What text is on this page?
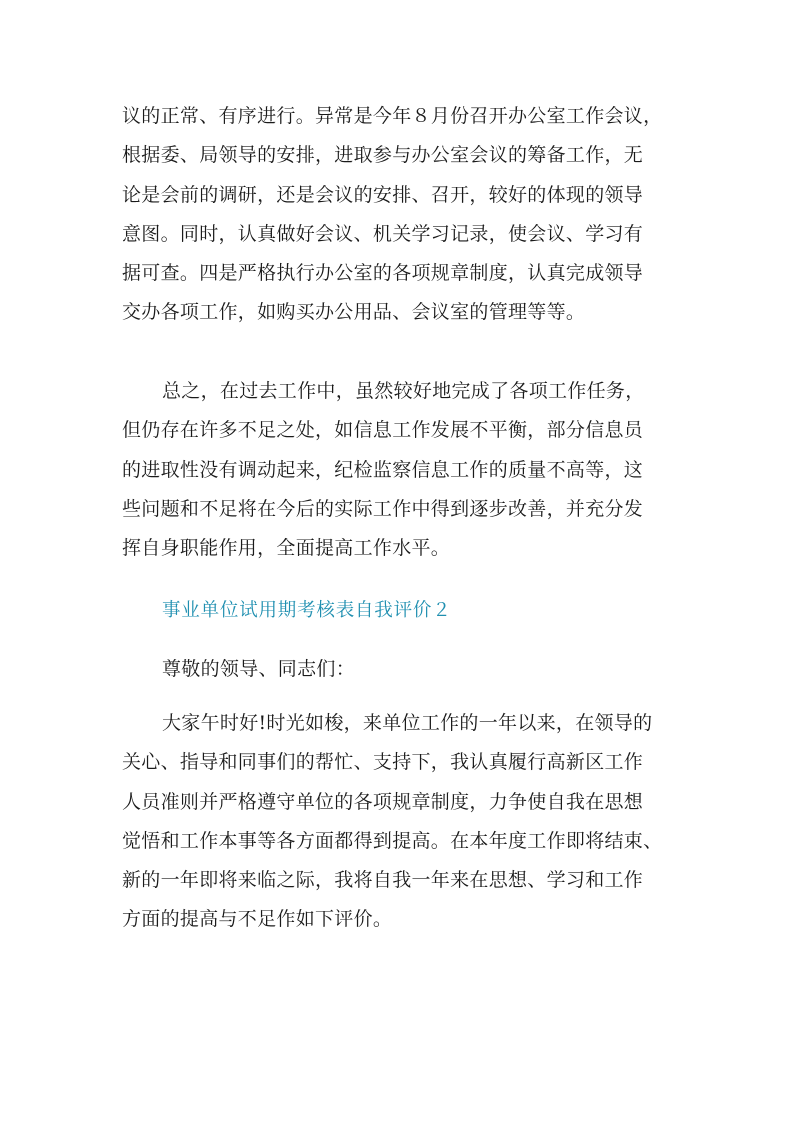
议的正常、有序进行。异常是今年８月份召开办公室工作会议，
根据委、局领导的安排，进取参与办公室会议的筹备工作，无
论是会前的调研，还是会议的安排、召开，较好的体现的领导
意图。同时，认真做好会议、机关学习记录，使会议、学习有
据可查。四是严格执行办公室的各项规章制度，认真完成领导
交办各项工作，如购买办公用品、会议室的管理等等。
总之，在过去工作中，虽然较好地完成了各项工作任务，
但仍存在许多不足之处，如信息工作发展不平衡，部分信息员
的进取性没有调动起来，纪检监察信息工作的质量不高等，这
些问题和不足将在今后的实际工作中得到逐步改善，并充分发
挥自身职能作用，全面提高工作水平。
事业单位试用期考核表自我评价２
尊敬的领导、同志们：
大家午时好!时光如梭，来单位工作的一年以来，在领导的
关心、指导和同事们的帮忙、支持下，我认真履行高新区工作
人员准则并严格遵守单位的各项规章制度，力争使自我在思想
觉悟和工作本事等各方面都得到提高。在本年度工作即将结束、
新的一年即将来临之际，我将自我一年来在思想、学习和工作
方面的提高与不足作如下评价。
